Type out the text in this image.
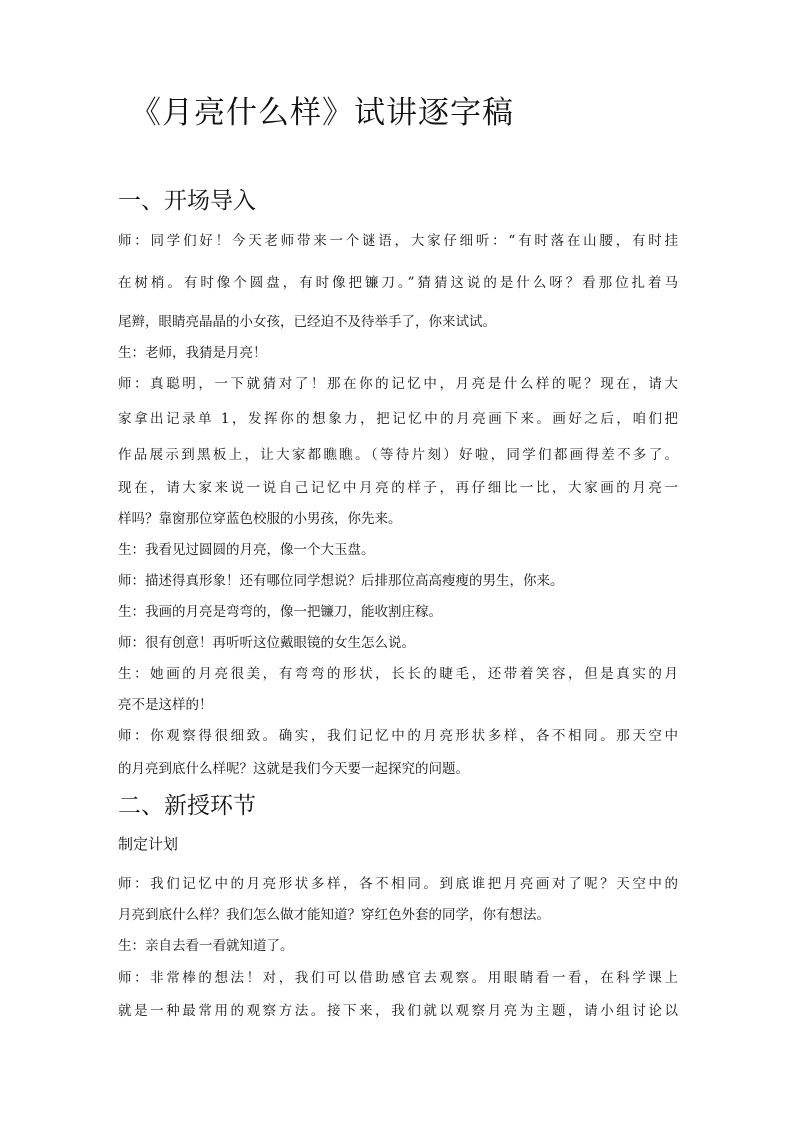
《月亮什么样》试讲逐字稿
一、开场导入
师：同学们好！今天老师带来一个谜语，大家仔细听：“有时落在山腰，有时挂
在树梢。有时像个圆盘，有时像把镰刀。”猜猜这说的是什么呀？看那位扎着马
尾辫，眼睛亮晶晶的小女孩，已经迫不及待举手了，你来试试。
生：老师，我猜是月亮！
师：真聪明，一下就猜对了！那在你的记忆中，月亮是什么样的呢？现在，请大
家拿出记录单 1，发挥你的想象力，把记忆中的月亮画下来。画好之后，咱们把
作品展示到黑板上，让大家都瞧瞧。（等待片刻）好啦，同学们都画得差不多了。
现在，请大家来说一说自己记忆中月亮的样子，再仔细比一比，大家画的月亮一
样吗？靠窗那位穿蓝色校服的小男孩，你先来。
生：我看见过圆圆的月亮，像一个大玉盘。
师：描述得真形象！还有哪位同学想说？后排那位高高瘦瘦的男生，你来。
生：我画的月亮是弯弯的，像一把镰刀，能收割庄稼。
师：很有创意！再听听这位戴眼镜的女生怎么说。
生：她画的月亮很美，有弯弯的形状，长长的睫毛，还带着笑容，但是真实的月
亮不是这样的！
师：你观察得很细致。确实，我们记忆中的月亮形状多样，各不相同。那天空中
的月亮到底什么样呢？这就是我们今天要一起探究的问题。
二、新授环节
制定计划
师：我们记忆中的月亮形状多样，各不相同。到底谁把月亮画对了呢？天空中的
月亮到底什么样？我们怎么做才能知道？穿红色外套的同学，你有想法。
生：亲自去看一看就知道了。
师：非常棒的想法！对，我们可以借助感官去观察。用眼睛看一看，在科学课上
就是一种最常用的观察方法。接下来，我们就以观察月亮为主题，请小组讨论以
